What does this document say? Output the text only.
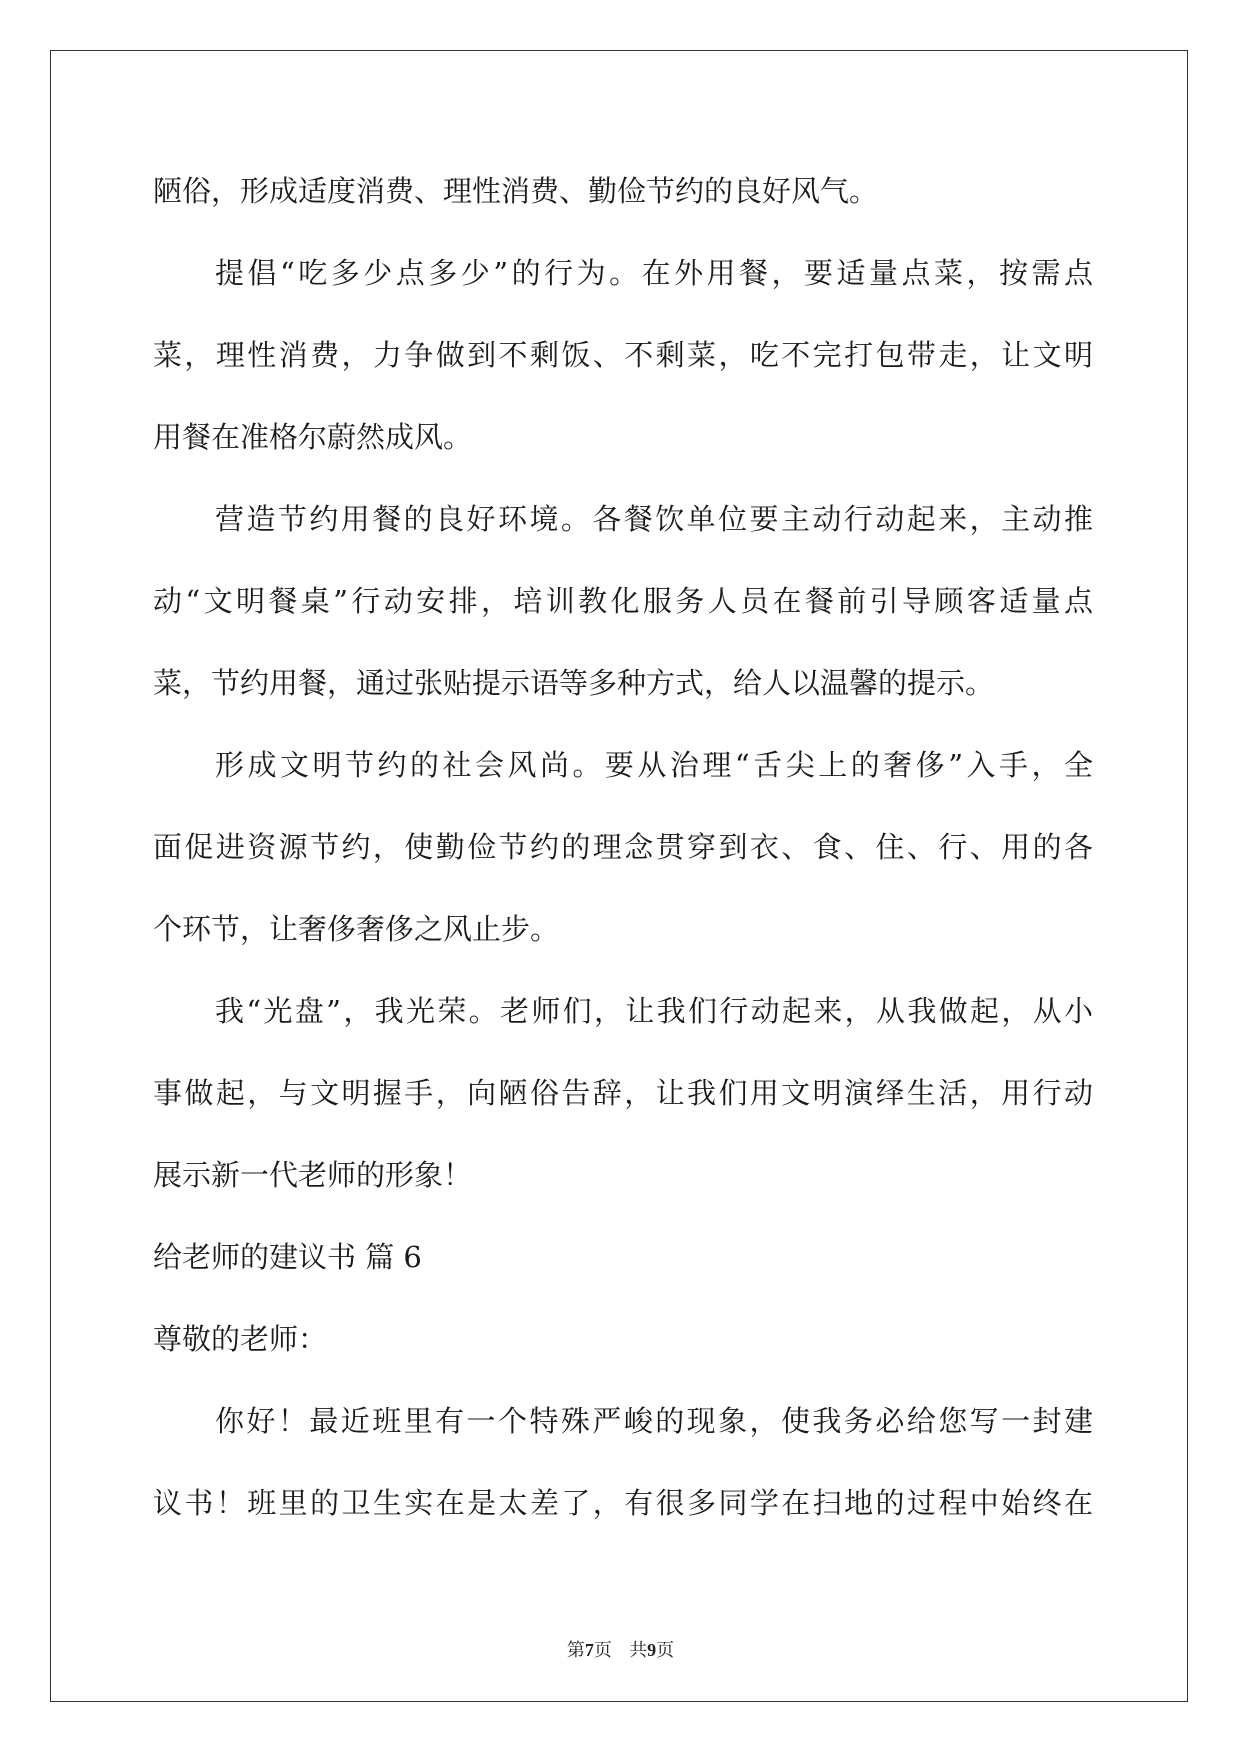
陋俗，形成适度消费、理性消费、勤俭节约的良好风气。
提倡“吃多少点多少”的行为。在外用餐，要适量点菜，按需点
菜，理性消费，力争做到不剩饭、不剩菜，吃不完打包带走，让文明
用餐在准格尔蔚然成风。
营造节约用餐的良好环境。各餐饮单位要主动行动起来，主动推
动“文明餐桌”行动安排，培训教化服务人员在餐前引导顾客适量点
菜，节约用餐，通过张贴提示语等多种方式，给人以温馨的提示。
形成文明节约的社会风尚。要从治理“舌尖上的奢侈”入手，全
面促进资源节约，使勤俭节约的理念贯穿到衣、食、住、行、用的各
个环节，让奢侈奢侈之风止步。
我“光盘”，我光荣。老师们，让我们行动起来，从我做起，从小
事做起，与文明握手，向陋俗告辞，让我们用文明演绎生活，用行动
展示新一代老师的形象！
给老师的建议书 篇 6
尊敬的老师：
你好！最近班里有一个特殊严峻的现象，使我务必给您写一封建
议书！班里的卫生实在是太差了，有很多同学在扫地的过程中始终在
第7页   共9页
